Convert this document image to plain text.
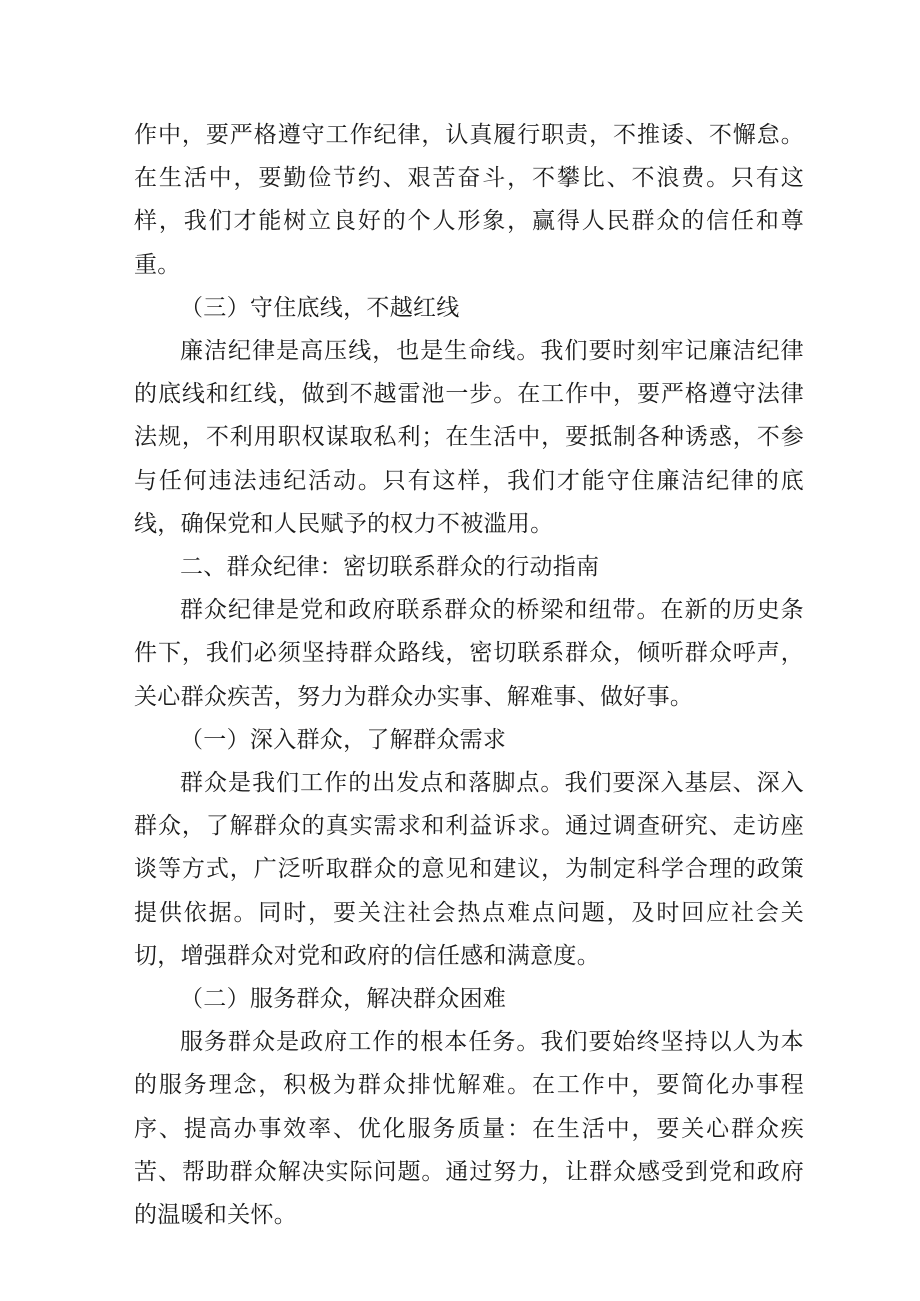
作中，要严格遵守工作纪律，认真履行职责，不推诿、不懈怠。在生活中，要勤俭节约、艰苦奋斗，不攀比、不浪费。只有这样，我们才能树立良好的个人形象，赢得人民群众的信任和尊重。

（三）守住底线，不越红线

廉洁纪律是高压线，也是生命线。我们要时刻牢记廉洁纪律的底线和红线，做到不越雷池一步。在工作中，要严格遵守法律法规，不利用职权谋取私利；在生活中，要抵制各种诱惑，不参与任何违法违纪活动。只有这样，我们才能守住廉洁纪律的底线，确保党和人民赋予的权力不被滥用。

二、群众纪律：密切联系群众的行动指南

群众纪律是党和政府联系群众的桥梁和纽带。在新的历史条件下，我们必须坚持群众路线，密切联系群众，倾听群众呼声，关心群众疾苦，努力为群众办实事、解难事、做好事。

（一）深入群众，了解群众需求

群众是我们工作的出发点和落脚点。我们要深入基层、深入群众，了解群众的真实需求和利益诉求。通过调查研究、走访座谈等方式，广泛听取群众的意见和建议，为制定科学合理的政策提供依据。同时，要关注社会热点难点问题，及时回应社会关切，增强群众对党和政府的信任感和满意度。

（二）服务群众，解决群众困难

服务群众是政府工作的根本任务。我们要始终坚持以人为本的服务理念，积极为群众排忧解难。在工作中，要简化办事程序、提高办事效率、优化服务质量：在生活中，要关心群众疾苦、帮助群众解决实际问题。通过努力，让群众感受到党和政府的温暖和关怀。
